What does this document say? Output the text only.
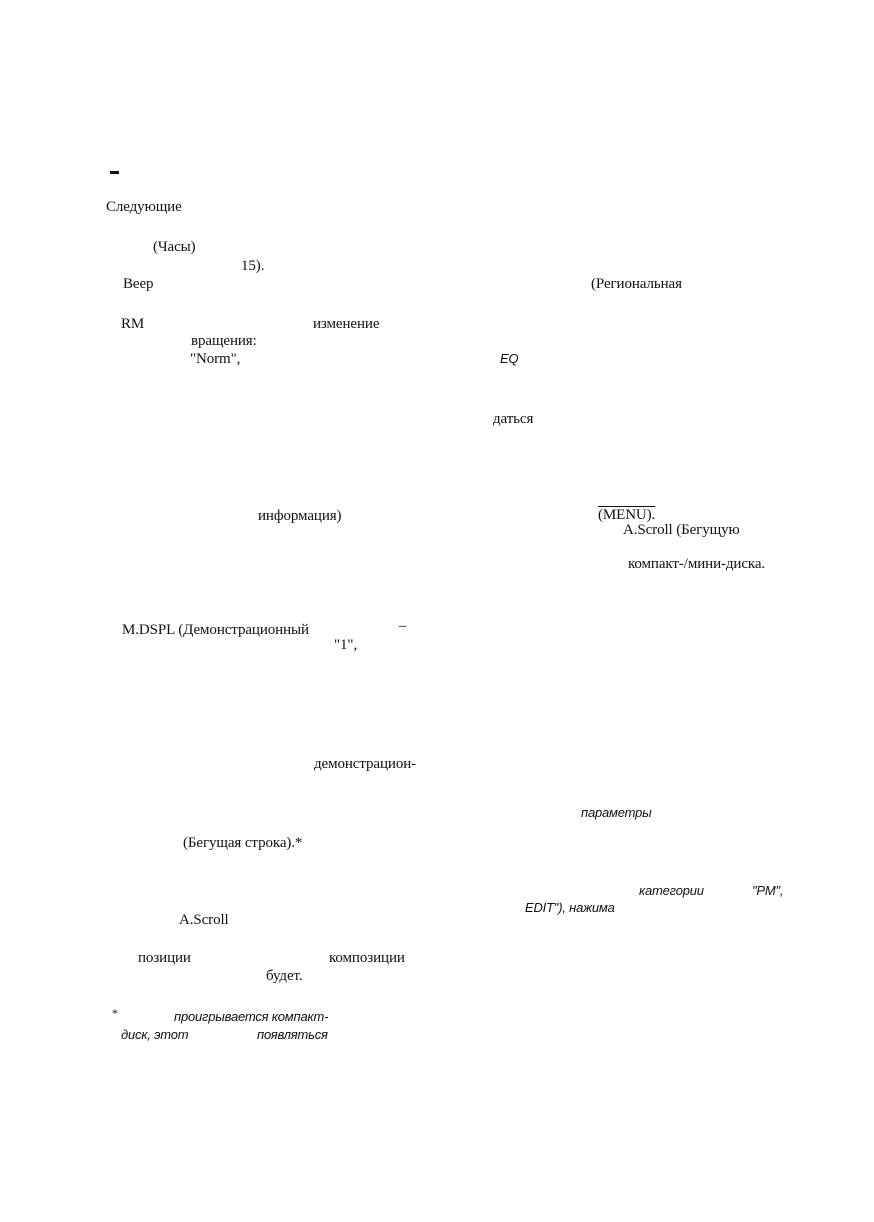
Следующие
(Часы)
15).
Beep	(Региональная
RM	изменение
вращения:
"Norm",	EQ
даться
информация)	(MENU).
A.Scroll (Бегущую
компакт-/мини-диска.
M.DSPL (Демонстрационный	–
"1",
демонстрацион-
параметры
(Бегущая строка).*
категории	"PM",
EDIT"), нажима
A.Scroll
позиции	композиции
будет.
*	проигрывается компакт-
диск, этот	появляться
